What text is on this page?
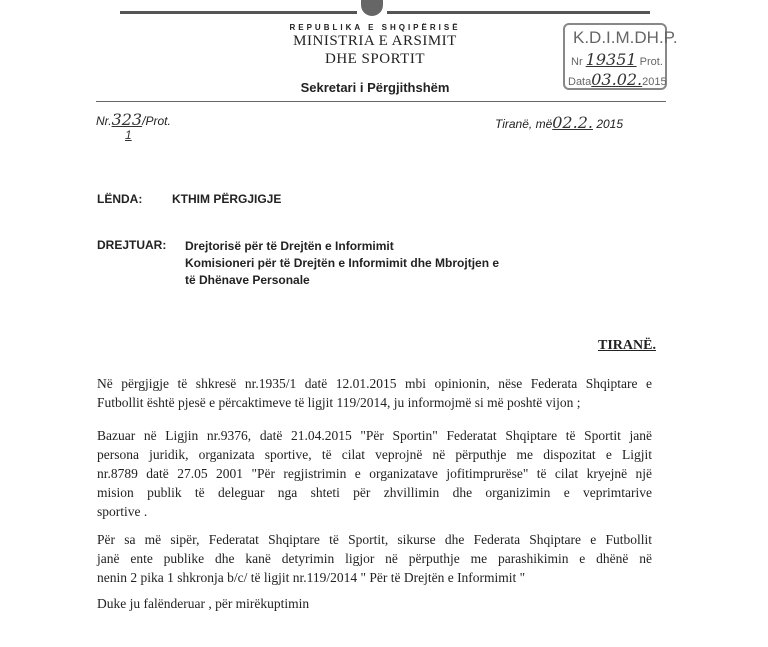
REPUBLIKA E SHQIPËRISË
MINISTRIA E ARSIMIT
DHE SPORTIT
Sekretari i Përgjithshëm
K.D.I.M.DH.P.
Nr 19351 Prot.
Data03.02.2015
Nr.323/Prot.
1
Tiranë, më02.2. 2015
LËNDA: KTHIM PËRGJIGJE
DREJTUAR: Drejtorisë për të Drejtën e Informimit
Komisioneri për të Drejtën e Informimit dhe Mbrojtjen e
të Dhënave Personale
TIRANË.
Në përgjigje të shkresë nr.1935/1 datë 12.01.2015 mbi opinionin, nëse Federata Shqiptare e
Futbollit është pjesë e përcaktimeve të ligjit 119/2014, ju informojmë si më poshtë vijon ;
Bazuar në Ligjin nr.9376, datë 21.04.2015 "Për Sportin" Federatat Shqiptare të Sportit janë
persona juridik, organizata sportive, të cilat veprojnë në përputhje me dispozitat e Ligjit
nr.8789 datë 27.05 2001 "Për regjistrimin e organizatave jofitimprurëse" të cilat kryejnë një
mision publik të deleguar nga shteti për zhvillimin dhe organizimin e veprimtarive
sportive .
Për sa më sipër, Federatat Shqiptare të Sportit, sikurse dhe Federata Shqiptare e Futbollit
janë ente publike dhe kanë detyrimin ligjor në përputhje me parashikimin e dhënë në
nenin 2 pika 1 shkronja b/c/ të ligjit nr.119/2014 " Për të Drejtën e Informimit "
Duke ju falënderuar , për mirëkuptimin
